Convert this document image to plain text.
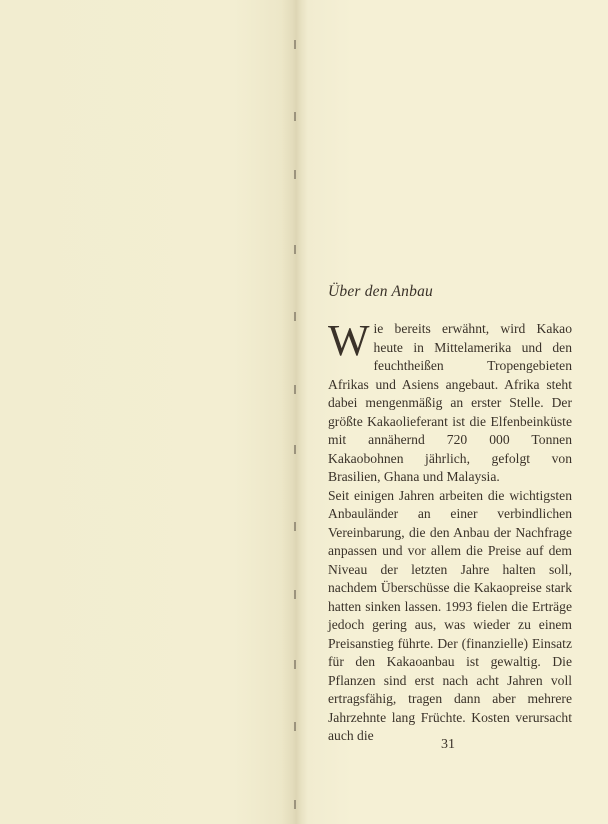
Über den Anbau

Wie bereits erwähnt, wird Kakao heute in Mittelamerika und den feuchtheißen Tropengebieten Afrikas und Asiens angebaut. Afrika steht dabei mengenmäßig an erster Stelle. Der größte Kakaolieferant ist die Elfenbeinküste mit annähernd 720 000 Tonnen Kakaobohnen jährlich, gefolgt von Brasilien, Ghana und Malaysia.

Seit einigen Jahren arbeiten die wichtigsten Anbauländer an einer verbindlichen Vereinbarung, die den Anbau der Nachfrage anpassen und vor allem die Preise auf dem Niveau der letzten Jahre halten soll, nachdem Überschüsse die Kakaopreise stark hatten sinken lassen. 1993 fielen die Erträge jedoch gering aus, was wieder zu einem Preisanstieg führte. Der (finanzielle) Einsatz für den Kakaoanbau ist gewaltig. Die Pflanzen sind erst nach acht Jahren voll ertragsfähig, tragen dann aber mehrere Jahrzehnte lang Früchte. Kosten verursacht auch die

31
